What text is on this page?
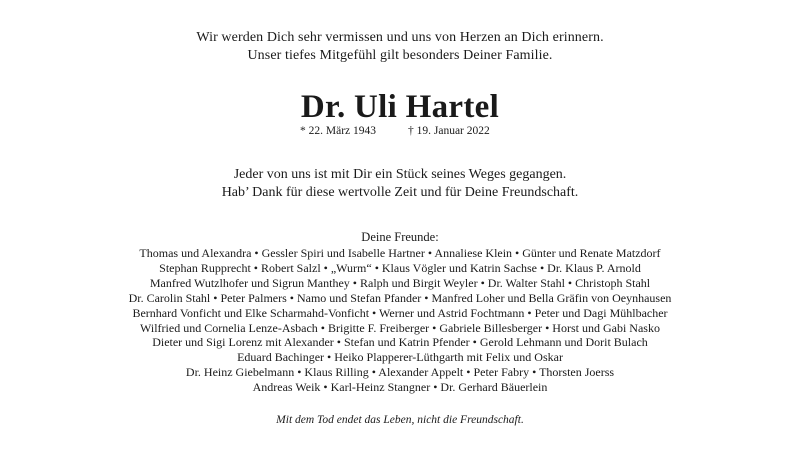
Wir werden Dich sehr vermissen und uns von Herzen an Dich erinnern.
Unser tiefes Mitgefühl gilt besonders Deiner Familie.
Dr. Uli Hartel
* 22. März 1943	† 19. Januar 2022
Jeder von uns ist mit Dir ein Stück seines Weges gegangen.
Hab’ Dank für diese wertvolle Zeit und für Deine Freundschaft.
Deine Freunde:
Thomas und Alexandra • Gessler Spiri und Isabelle Hartner • Annaliese Klein • Günter und Renate Matzdorf
Stephan Rupprecht • Robert Salzl • „Wurm“ • Klaus Vögler und Katrin Sachse • Dr. Klaus P. Arnold
Manfred Wutzlhofer und Sigrun Manthey • Ralph und Birgit Weyler • Dr. Walter Stahl • Christoph Stahl
Dr. Carolin Stahl • Peter Palmers • Namo und Stefan Pfander • Manfred Loher und Bella Gräfin von Oeynhausen
Bernhard Vonficht und Elke Scharmahd-Vonficht • Werner und Astrid Fochtmann • Peter und Dagi Mühlbacher
Wilfried und Cornelia Lenze-Asbach • Brigitte F. Freiberger • Gabriele Billesberger • Horst und Gabi Nasko
Dieter und Sigi Lorenz mit Alexander • Stefan und Katrin Pfender • Gerold Lehmann und Dorit Bulach
Eduard Bachinger • Heiko Plapperer-Lüthgarth mit Felix und Oskar
Dr. Heinz Giebelmann • Klaus Rilling • Alexander Appelt • Peter Fabry • Thorsten Joerss
Andreas Weik • Karl-Heinz Stangner • Dr. Gerhard Bäuerlein
Mit dem Tod endet das Leben, nicht die Freundschaft.
